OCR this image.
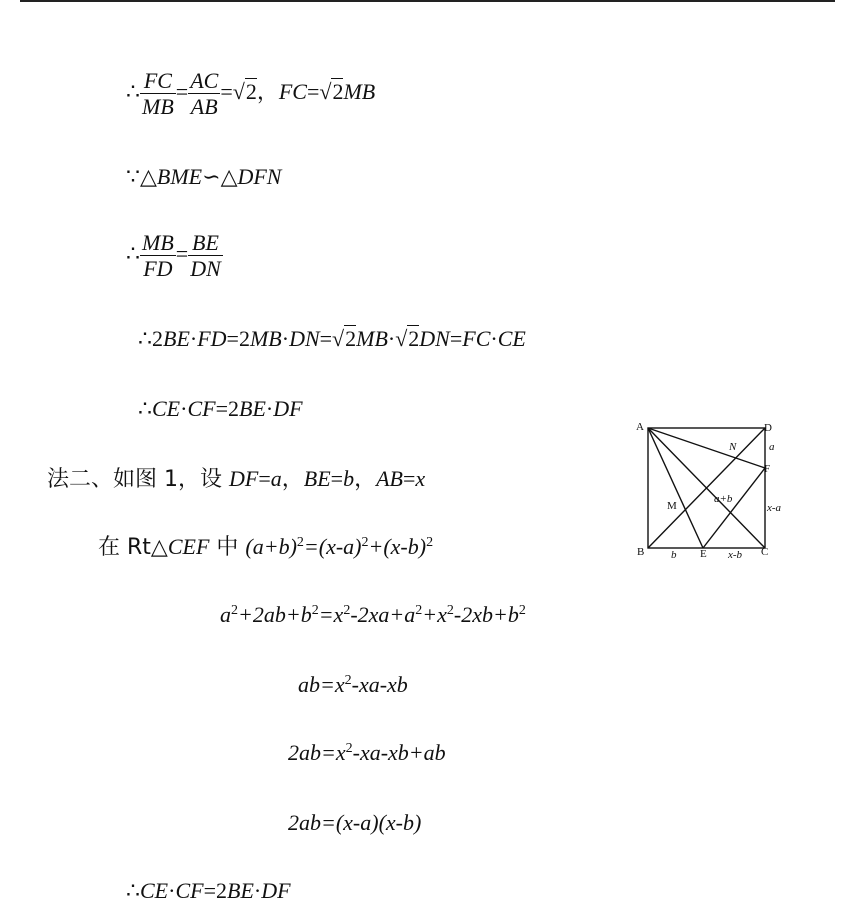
∴ $\frac{FC}{MB} = \frac{AC}{AB} =√2$，FC=√2MB
∵△BME∽△DFN
∴ $\frac{MB}{FD} = \frac{BE}{DN}$
∴2BE·FD=2MB·DN=√2MB·√2DN=FC·CE
∴CE·CF=2BE·DF
法二、如图 1，设 DF=a，BE=b，AB=x
在 Rt△CEF 中 $(a+b)^2=(x-a)^2+(x-b)^2$
$a^2+2ab+b^2=x^2-2xa+a^2+x^2-2xb+b^2$
$ab=x^2-xa-xb$
$2ab=x^2-xa-xb+ab$
2ab=(x-a)(x-b)
∴CE·CF=2BE·DF
A	D
N	a
F
a+b
M	x-a
B b E x-b C
